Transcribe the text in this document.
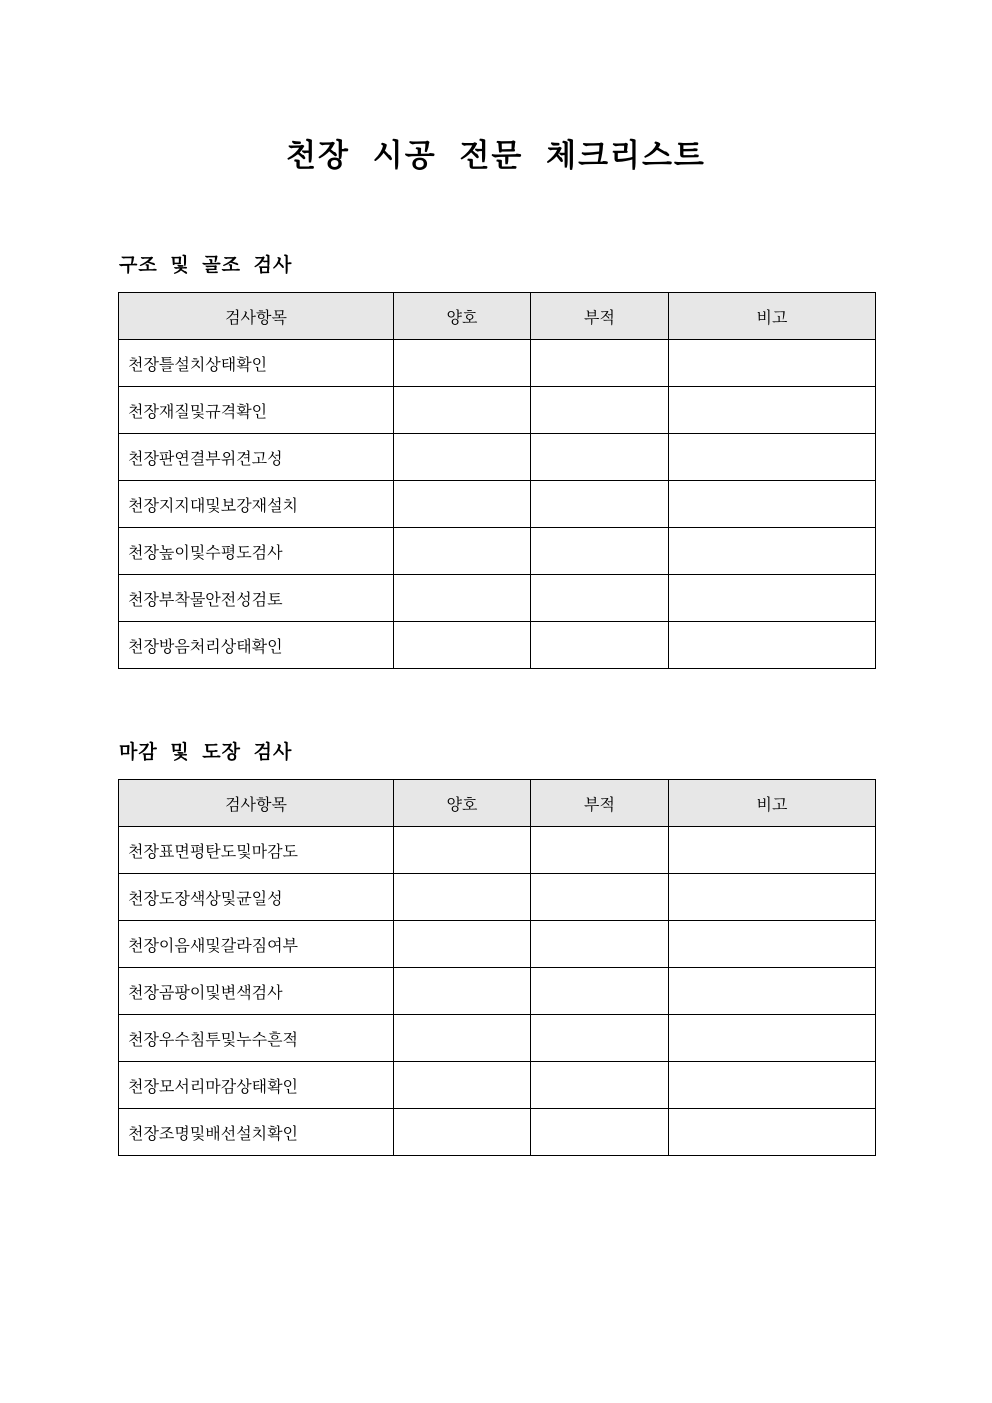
천장 시공 전문 체크리스트
구조 및 골조 검사
검사항목	양호	부적	비고
천장틀설치상태확인			
천장재질및규격확인			
천장판연결부위견고성			
천장지지대및보강재설치			
천장높이및수평도검사			
천장부착물안전성검토			
천장방음처리상태확인			
마감 및 도장 검사
검사항목	양호	부적	비고
천장표면평탄도및마감도			
천장도장색상및균일성			
천장이음새및갈라짐여부			
천장곰팡이및변색검사			
천장우수침투및누수흔적			
천장모서리마감상태확인			
천장조명및배선설치확인			
